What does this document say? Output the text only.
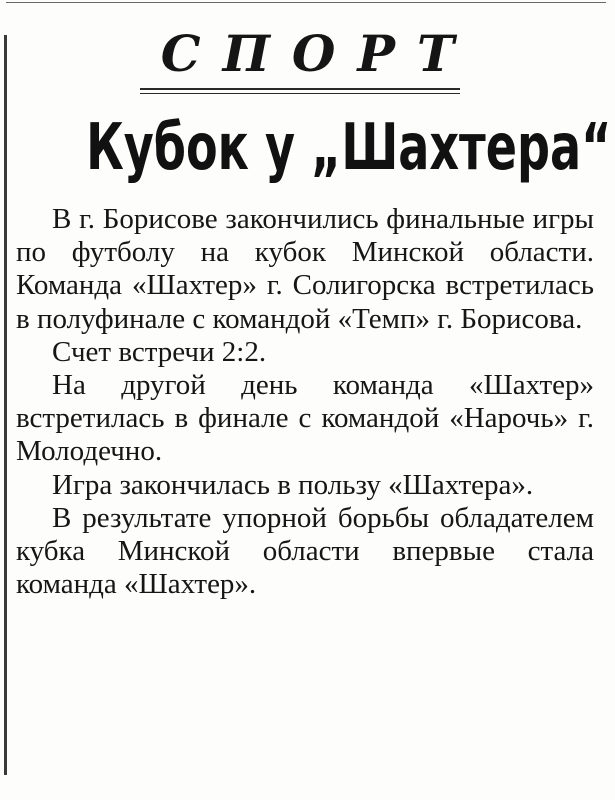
СПОРТ
Кубок у „Шахтера“

В г. Борисове закончились финальные игры по футболу на кубок Минской области. Команда «Шахтер» г. Солигорска встретилась в полуфинале с командой «Темп» г. Борисова.

Счет встречи 2:2.

На другой день команда «Шахтер» встретилась в финале с командой «Нарочь» г. Молодечно.

Игра закончилась в пользу «Шахтера».

В результате упорной борьбы обладателем кубка Минской области впервые стала команда «Шахтер».
